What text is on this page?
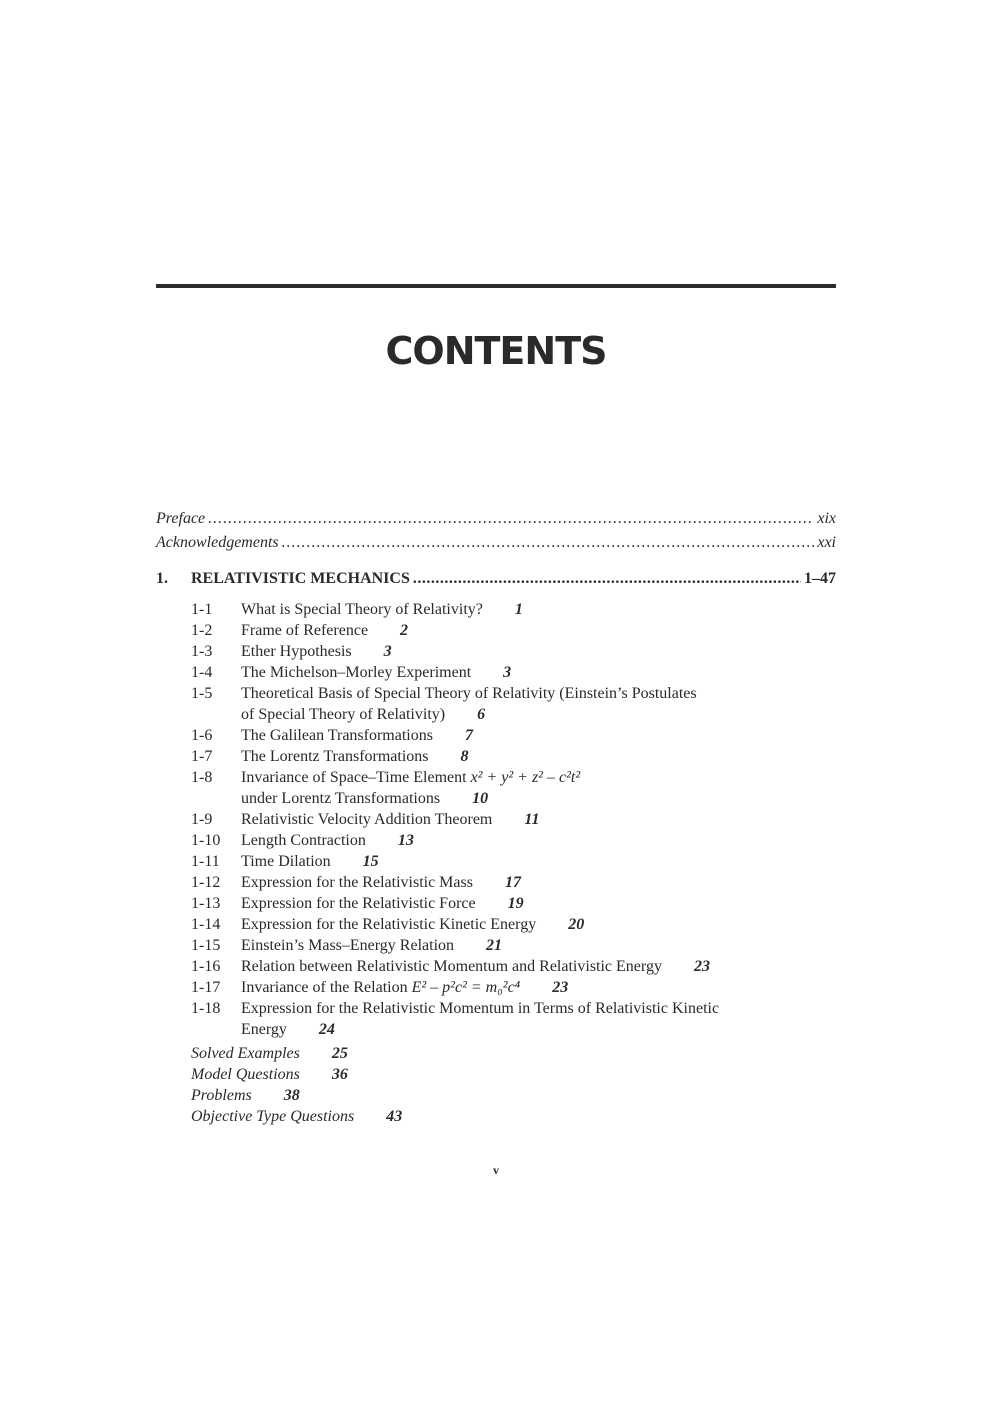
CONTENTS
Preface .....	xix
Acknowledgements .....	xxi
1.	RELATIVISTIC MECHANICS .....	1–47
1-1 What is Special Theory of Relativity? 1
1-2 Frame of Reference 2
1-3 Ether Hypothesis 3
1-4 The Michelson–Morley Experiment 3
1-5 Theoretical Basis of Special Theory of Relativity (Einstein’s Postulates
of Special Theory of Relativity) 6
1-6 The Galilean Transformations 7
1-7 The Lorentz Transformations 8
1-8 Invariance of Space–Time Element x² + y² + z² – c²t²
under Lorentz Transformations 10
1-9 Relativistic Velocity Addition Theorem 11
1-10 Length Contraction 13
1-11 Time Dilation 15
1-12 Expression for the Relativistic Mass 17
1-13 Expression for the Relativistic Force 19
1-14 Expression for the Relativistic Kinetic Energy 20
1-15 Einstein’s Mass–Energy Relation 21
1-16 Relation between Relativistic Momentum and Relativistic Energy 23
1-17 Invariance of the Relation E² – p²c² = m₀²c⁴ 23
1-18 Expression for the Relativistic Momentum in Terms of Relativistic Kinetic
Energy 24
Solved Examples 25
Model Questions 36
Problems 38
Objective Type Questions 43
v
